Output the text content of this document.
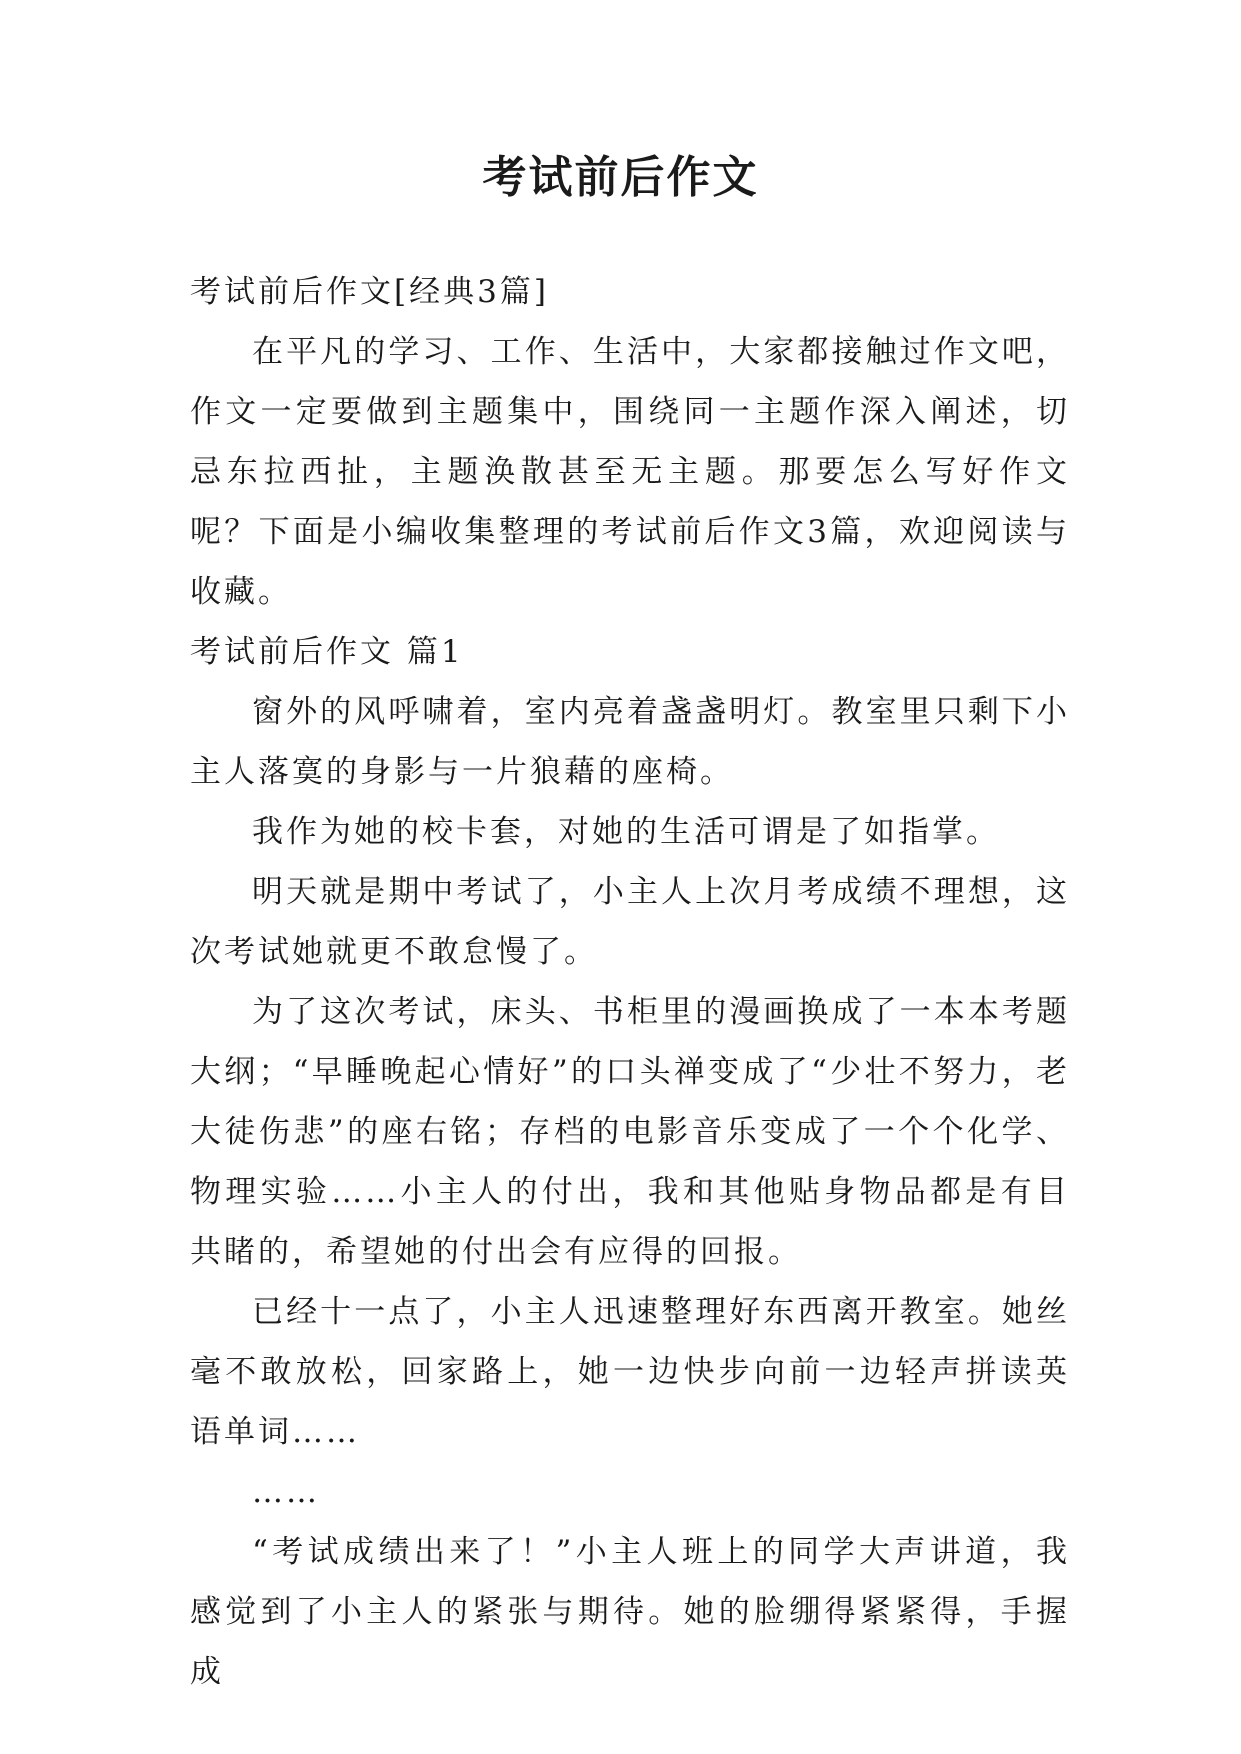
考试前后作文

考试前后作文[经典3篇]

在平凡的学习、工作、生活中，大家都接触过作文吧，作文一定要做到主题集中，围绕同一主题作深入阐述，切忌东拉西扯，主题涣散甚至无主题。那要怎么写好作文呢？下面是小编收集整理的考试前后作文3篇，欢迎阅读与收藏。

考试前后作文 篇1

窗外的风呼啸着，室内亮着盏盏明灯。教室里只剩下小主人落寞的身影与一片狼藉的座椅。

我作为她的校卡套，对她的生活可谓是了如指掌。

明天就是期中考试了，小主人上次月考成绩不理想，这次考试她就更不敢怠慢了。

为了这次考试，床头、书柜里的漫画换成了一本本考题大纲；“早睡晚起心情好”的口头禅变成了“少壮不努力，老大徒伤悲”的座右铭；存档的电影音乐变成了一个个化学、物理实验……小主人的付出，我和其他贴身物品都是有目共睹的，希望她的付出会有应得的回报。

已经十一点了，小主人迅速整理好东西离开教室。她丝毫不敢放松，回家路上，她一边快步向前一边轻声拼读英语单词……

……

“考试成绩出来了！”小主人班上的同学大声讲道，我感觉到了小主人的紧张与期待。她的脸绷得紧紧得，手握成
